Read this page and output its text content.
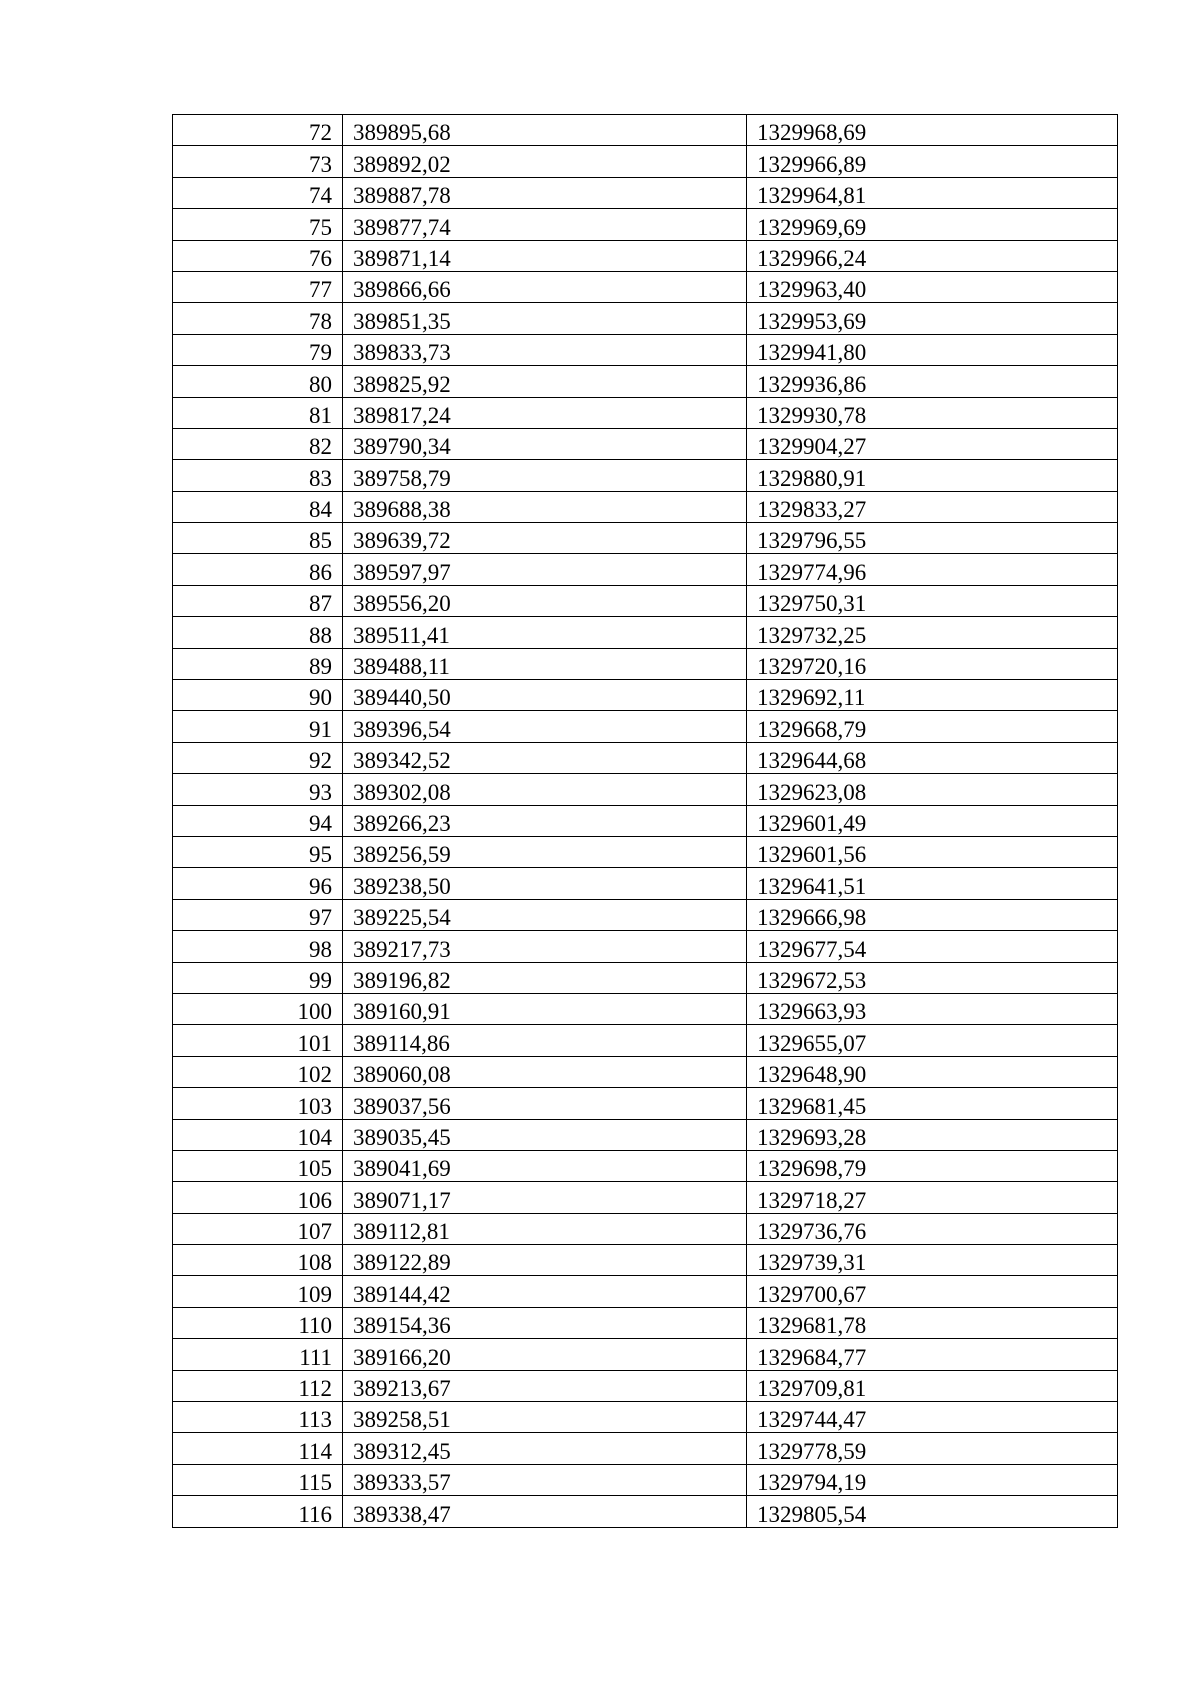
72	389895,68	1329968,69
73	389892,02	1329966,89
74	389887,78	1329964,81
75	389877,74	1329969,69
76	389871,14	1329966,24
77	389866,66	1329963,40
78	389851,35	1329953,69
79	389833,73	1329941,80
80	389825,92	1329936,86
81	389817,24	1329930,78
82	389790,34	1329904,27
83	389758,79	1329880,91
84	389688,38	1329833,27
85	389639,72	1329796,55
86	389597,97	1329774,96
87	389556,20	1329750,31
88	389511,41	1329732,25
89	389488,11	1329720,16
90	389440,50	1329692,11
91	389396,54	1329668,79
92	389342,52	1329644,68
93	389302,08	1329623,08
94	389266,23	1329601,49
95	389256,59	1329601,56
96	389238,50	1329641,51
97	389225,54	1329666,98
98	389217,73	1329677,54
99	389196,82	1329672,53
100	389160,91	1329663,93
101	389114,86	1329655,07
102	389060,08	1329648,90
103	389037,56	1329681,45
104	389035,45	1329693,28
105	389041,69	1329698,79
106	389071,17	1329718,27
107	389112,81	1329736,76
108	389122,89	1329739,31
109	389144,42	1329700,67
110	389154,36	1329681,78
111	389166,20	1329684,77
112	389213,67	1329709,81
113	389258,51	1329744,47
114	389312,45	1329778,59
115	389333,57	1329794,19
116	389338,47	1329805,54
